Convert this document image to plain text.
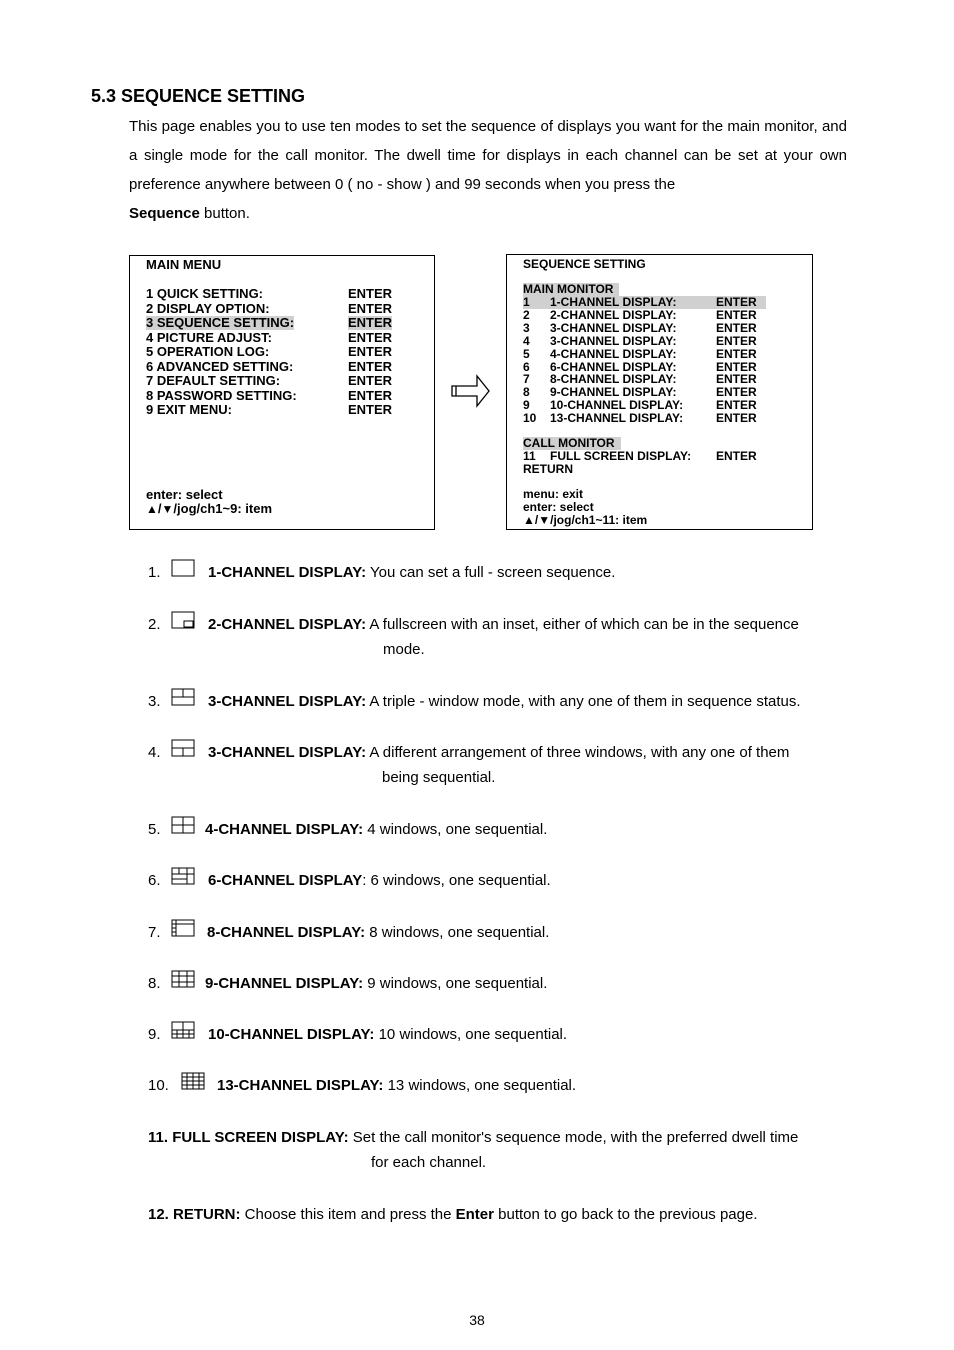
5.3 SEQUENCE SETTING
This page enables you to use ten modes to set the sequence of displays you want for the main monitor, and a single mode for the call monitor. The dwell time for displays in each channel can be set at your own preference anywhere between 0 ( no - show ) and 99 seconds when you press the
Sequence button.
MAIN MENU
1 QUICK SETTING:	ENTER
2 DISPLAY OPTION:	ENTER
3 SEQUENCE SETTING:	ENTER
4 PICTURE ADJUST:	ENTER
5 OPERATION LOG:	ENTER
6 ADVANCED SETTING:	ENTER
7 DEFAULT SETTING:	ENTER
8 PASSWORD SETTING:	ENTER
9 EXIT MENU:	ENTER
enter: select
▲/▼/jog/ch1~9: item
SEQUENCE SETTING
MAIN MONITOR
1	1-CHANNEL DISPLAY:	ENTER
2 2-CHANNEL DISPLAY:	ENTER
3 3-CHANNEL DISPLAY:	ENTER
4 3-CHANNEL DISPLAY:	ENTER
5 4-CHANNEL DISPLAY:	ENTER
6 6-CHANNEL DISPLAY:	ENTER
7 8-CHANNEL DISPLAY:	ENTER
8 9-CHANNEL DISPLAY:	ENTER
9 10-CHANNEL DISPLAY:	ENTER
10 13-CHANNEL DISPLAY:	ENTER
CALL MONITOR
11 FULL SCREEN DISPLAY: ENTER
RETURN
menu: exit
enter: select
▲/▼/jog/ch1~11: item
1.	1-CHANNEL DISPLAY: You can set a full - screen sequence.
2.	2-CHANNEL DISPLAY: A fullscreen with an inset, either of which can be in the sequence
mode.
3.	3-CHANNEL DISPLAY: A triple - window mode, with any one of them in sequence status.
4.	3-CHANNEL DISPLAY: A different arrangement of three windows, with any one of them
being sequential.
5.	4-CHANNEL DISPLAY: 4 windows, one sequential.
6.	6-CHANNEL DISPLAY: 6 windows, one sequential.
7.	8-CHANNEL DISPLAY: 8 windows, one sequential.
8.	9-CHANNEL DISPLAY: 9 windows, one sequential.
9.	10-CHANNEL DISPLAY: 10 windows, one sequential.
10.	13-CHANNEL DISPLAY: 13 windows, one sequential.
11. FULL SCREEN DISPLAY: Set the call monitor's sequence mode, with the preferred dwell time
for each channel.
12. RETURN: Choose this item and press the Enter button to go back to the previous page.
38
